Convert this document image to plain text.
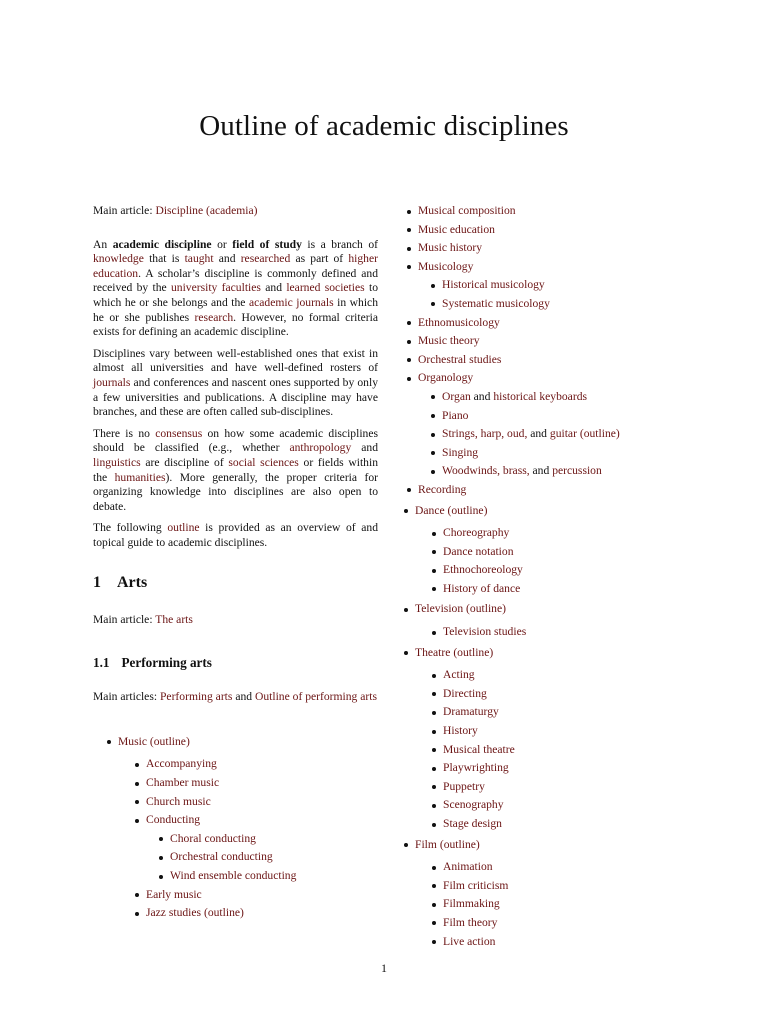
Outline of academic disciplines

Main article: Discipline (academia)

An academic discipline or field of study is a branch of knowledge that is taught and researched as part of higher education. A scholar’s discipline is commonly defined and received by the university faculties and learned societies to which he or she belongs and the academic journals in which he or she publishes research. However, no formal criteria exists for defining an academic discipline.

Disciplines vary between well-established ones that exist in almost all universities and have well-defined rosters of journals and conferences and nascent ones supported by only a few universities and publications. A discipline may have branches, and these are often called sub-disciplines.

There is no consensus on how some academic disciplines should be classified (e.g., whether anthropology and linguistics are discipline of social sciences or fields within the humanities). More generally, the proper criteria for organizing knowledge into disciplines are also open to debate.

The following outline is provided as an overview of and topical guide to academic disciplines.

1 Arts

Main article: The arts

1.1 Performing arts

Main articles: Performing arts and Outline of performing arts

Music (outline)
Accompanying
Chamber music
Church music
Conducting
Choral conducting
Orchestral conducting
Wind ensemble conducting
Early music
Jazz studies (outline)
Musical composition
Music education
Music history
Musicology
Historical musicology
Systematic musicology
Ethnomusicology
Music theory
Orchestral studies
Organology
Organ and historical keyboards
Piano
Strings, harp, oud, and guitar (outline)
Singing
Woodwinds, brass, and percussion
Recording
Dance (outline)
Choreography
Dance notation
Ethnochoreology
History of dance
Television (outline)
Television studies
Theatre (outline)
Acting
Directing
Dramaturgy
History
Musical theatre
Playwrighting
Puppetry
Scenography
Stage design
Film (outline)
Animation
Film criticism
Filmmaking
Film theory
Live action
1
